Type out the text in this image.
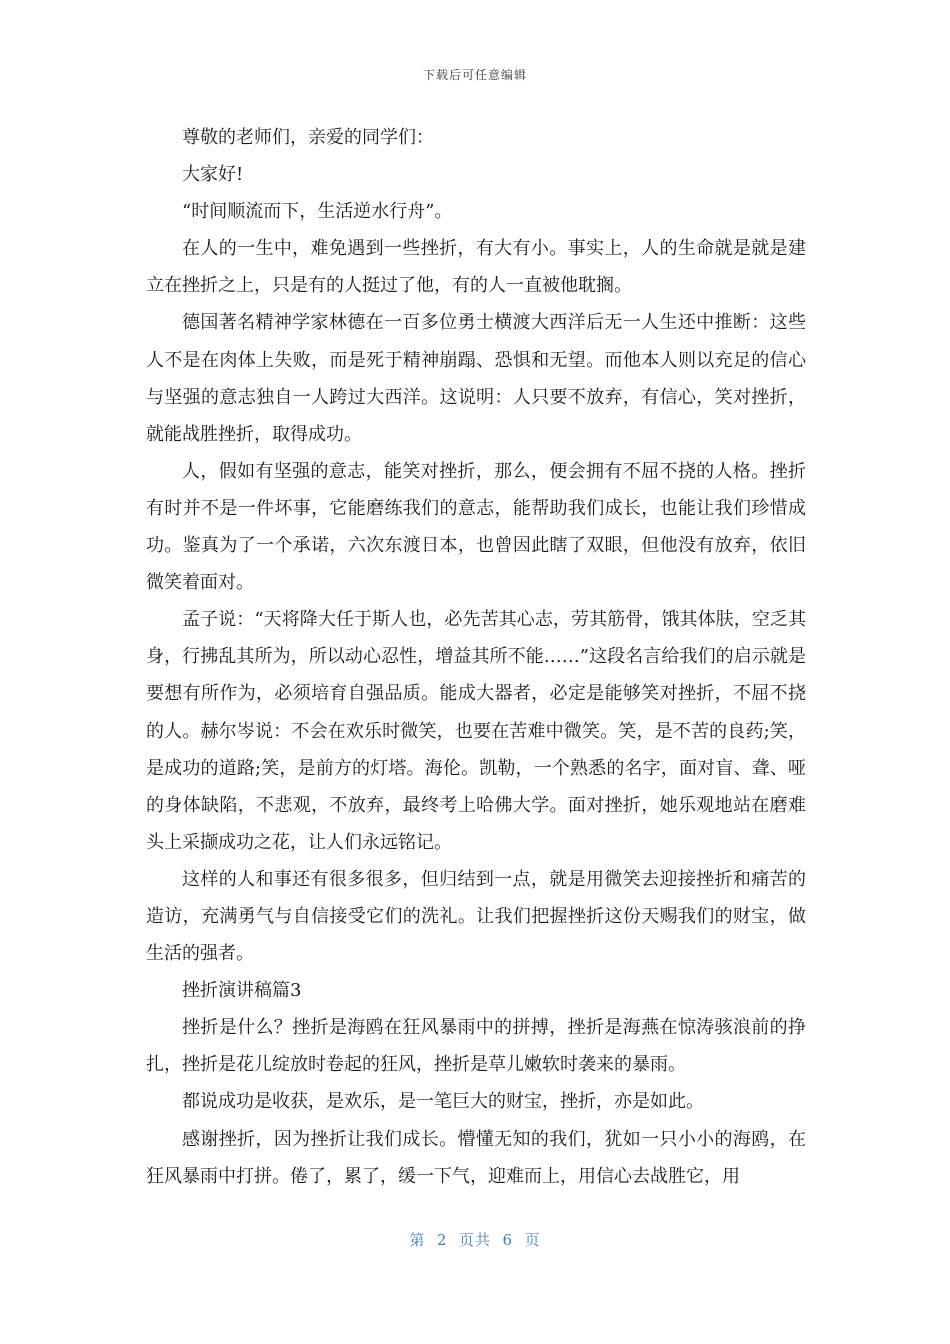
下载后可任意编辑

尊敬的老师们，亲爱的同学们：

大家好!

“时间顺流而下，生活逆水行舟”。

在人的一生中，难免遇到一些挫折，有大有小。事实上，人的生命就是就是建立在挫折之上，只是有的人挺过了他，有的人一直被他耽搁。

德国著名精神学家林德在一百多位勇士横渡大西洋后无一人生还中推断：这些人不是在肉体上失败，而是死于精神崩蹋、恐惧和无望。而他本人则以充足的信心与坚强的意志独自一人跨过大西洋。这说明：人只要不放弃，有信心，笑对挫折，就能战胜挫折，取得成功。

人，假如有坚强的意志，能笑对挫折，那么，便会拥有不屈不挠的人格。挫折有时并不是一件坏事，它能磨练我们的意志，能帮助我们成长，也能让我们珍惜成功。鉴真为了一个承诺，六次东渡日本，也曾因此瞎了双眼，但他没有放弃，依旧微笑着面对。

孟子说：“天将降大任于斯人也，必先苦其心志，劳其筋骨，饿其体肤，空乏其身，行拂乱其所为，所以动心忍性，增益其所不能……”这段名言给我们的启示就是要想有所作为，必须培育自强品质。能成大器者，必定是能够笑对挫折，不屈不挠的人。赫尔岑说：不会在欢乐时微笑，也要在苦难中微笑。笑，是不苦的良药;笑，是成功的道路;笑，是前方的灯塔。海伦。凯勒，一个熟悉的名字，面对盲、聋、哑的身体缺陷，不悲观，不放弃，最终考上哈佛大学。面对挫折，她乐观地站在磨难头上采撷成功之花，让人们永远铭记。

这样的人和事还有很多很多，但归结到一点，就是用微笑去迎接挫折和痛苦的造访，充满勇气与自信接受它们的洗礼。让我们把握挫折这份天赐我们的财宝，做生活的强者。

挫折演讲稿篇3

挫折是什么？挫折是海鸥在狂风暴雨中的拼搏，挫折是海燕在惊涛骇浪前的挣扎，挫折是花儿绽放时卷起的狂风，挫折是草儿嫩软时袭来的暴雨。

都说成功是收获，是欢乐，是一笔巨大的财宝，挫折，亦是如此。

感谢挫折，因为挫折让我们成长。懵懂无知的我们，犹如一只小小的海鸥，在狂风暴雨中打拼。倦了，累了，缓一下气，迎难而上，用信心去战胜它，用

第  2  页共  6  页
